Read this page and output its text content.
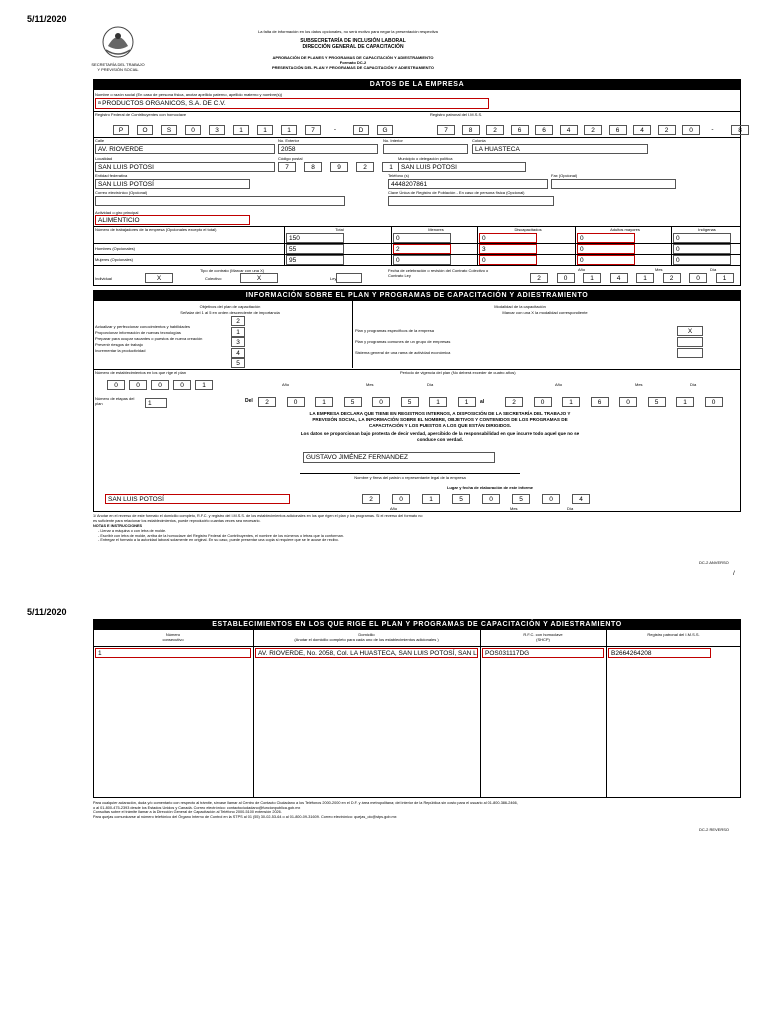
5/11/2020
SECRETARÍA DEL TRABAJO
Y PREVISIÓN SOCIAL
La falta de información en los datos opcionales, no será motivo para negar la presentación respectiva
SUBSECRETARÍA DE INCLUSIÓN LABORAL
DIRECCIÓN GENERAL DE CAPACITACIÓN
APROBACIÓN DE PLANES Y PROGRAMAS DE CAPACITACIÓN Y ADIESTRAMIENTO
Formato DC-2
PRESENTACIÓN DEL PLAN Y PROGRAMAS DE CAPACITACIÓN Y ADIESTRAMIENTO
DATOS DE LA EMPRESA
Nombre o razón social (En caso de persona física, anotar apellido paterno, apellido materno y nombre(s))
$^a$ PRODUCTOS ORGANICOS, S.A. DE C.V.
Registro Federal de Contribuyentes con homoclave	Registro patronal del I.M.S.S.
P	O	S	0	3	1	1	1	7	-	D	G	7	8	2	6	6	4	2	6	4	2	0	-	8
Calle	No. Exterior	No. Interior	Colonia
AV. RIOVERDE	2058	LA HUASTECA
Localidad	Código postal	Municipio o delegación política
SAN LUIS POTOSI	7	8	9	2	1	SAN LUIS POTOSI
Entidad federativa	Teléfono (s)	Fax (Opcional)
SAN LUIS POTOSÍ	4448207861
Correo electrónico (Opcional)	Clave Única de Registro de Población - En caso de persona física (Opcional)
Actividad o giro principal
ALIMENTICIO
Número de trabajadores de la empresa (Opcionales excepto el total)	Total	Menores	Discapacitados	Adultos mayores	Indígenas
150	0	0	0	0
Hombres (Opcionales)	55	2	3	0	0
Mujeres (Opcionales)	95	0	0	0	0
Tipo de contrato (Marcar con una X)
Individual	X	Colectivo	X	Ley
Fecha de celebración o revisión del Contrato Colectivo o Contrato Ley
Año	Mes	Día
2	0	1	4	1	2	0	1
INFORMACIÓN SOBRE EL PLAN Y PROGRAMAS DE CAPACITACIÓN Y ADIESTRAMIENTO
Objetivos del plan de capacitación
Señalar del 1 al 5 en orden descendente de importancia
Modalidad de la capacitación
Marcar con una X la modalidad correspondiente
Actualizar y perfeccionar conocimientos y habilidades
2
Proporcionar información de nuevas tecnologías	1
Preparar para ocupar vacantes o puestos de nueva creación
3
Prevenir riesgos de trabajo
4
Incrementar la productividad
5
Plan y programas específicos de la empresa	X
Plan y programas comunes de un grupo de empresas
Sistema general de una rama de actividad económica
Número de establecimientos en los que rige el plan
0	0	0	0	1
Periodo de vigencia del plan (No deberá exceder de cuatro años)
Año	Mes	Día	Año	Mes	Día
Número de etapas del plan	1	Del	2	0	1	5	0	5	1	1	al	2	0	1	6	0	5	1	0
LA EMPRESA DECLARA QUE TIENE EN REGISTROS INTERNOS, A DISPOSICIÓN DE LA SECRETARÍA DEL TRABAJO Y PREVISIÓN SOCIAL, LA INFORMACIÓN SOBRE EL NOMBRE, OBJETIVOS Y CONTENIDOS DE LOS PROGRAMAS DE CAPACITACIÓN Y LOS PUESTOS A LOS QUE ESTÁN DIRIGIDOS.
Los datos se proporcionan bajo protesta de decir verdad, apercibido de la responsabilidad en que incurre todo aquel que no se conduce con verdad.
GUSTAVO JIMÉNEZ FERNANDEZ
Nombre y firma del patrón o representante legal de la empresa
Lugar y fecha de elaboración de este informe
SAN LUIS POTOSÍ	2	0	1	5	0	5	0	4
Año	Mes	Día
1/ Anotar en el reverso de este formato el domicilio completo, R.F.C. y registro del I.M.S.S. de los establecimientos adicionales en los que rigen el plan y los programas. Si el reverso del formato no es suficiente para relacionar los establecimientos, puede reproducirlo cuantas veces sea necesario.
NOTAS E INSTRUCCIONES
- Llenar a máquina o con letra de molde.
- Escribir con letra de molde, arriba de la homoclave del Registro Federal de Contribuyentes, el nombre de los números o letras que la conforman.
- Entregar el formato a la autoridad laboral solamente en original. En su caso, puede presentar una copia si requiere que se le acuse de recibo.
DC-2 ANVERSO
/
5/11/2020
ESTABLECIMIENTOS EN LOS QUE RIGE EL PLAN Y PROGRAMAS DE CAPACITACIÓN Y ADIESTRAMIENTO
Número
consecutivo
Domicilio
(Anotar el domicilio completo para cada uno de los establecimientos adicionales )
R.F.C. con homoclave
(SHCP)
Registro patronal del I.M.S.S.
1	AV. RIOVERDE, No. 2058, Col. LA HUASTECA, SAN LUIS POTOSÍ, SAN L	POS031117DG	B2664264208
Para cualquier aclaración, duda y/o comentario con respecto al trámite, sírvase llamar al Centro de Contacto Ciudadano a los Teléfonos 2000-2000 en el D.F. y área metropolitana; del interior de la República sin costo para el usuario al 01-800-386-2466,
o al 01-800-475-2393 desde los Estados Unidos y Canadá. Correo electrónico: contactociudadano@funcionpublica.gob.mx
Consultas sobre el trámite llamar a la Dirección General de Capacitación al Teléfono 2000-5100 extensión 2026.
Para quejas comunicarse al número telefónico del Órgano Interno de Control en la STPS al 01 (55) 30-02-53-64 o al 01-800-09-31609. Correo electrónico: quejas_oic@stps.gob.mx
DC-2 REVERSO
